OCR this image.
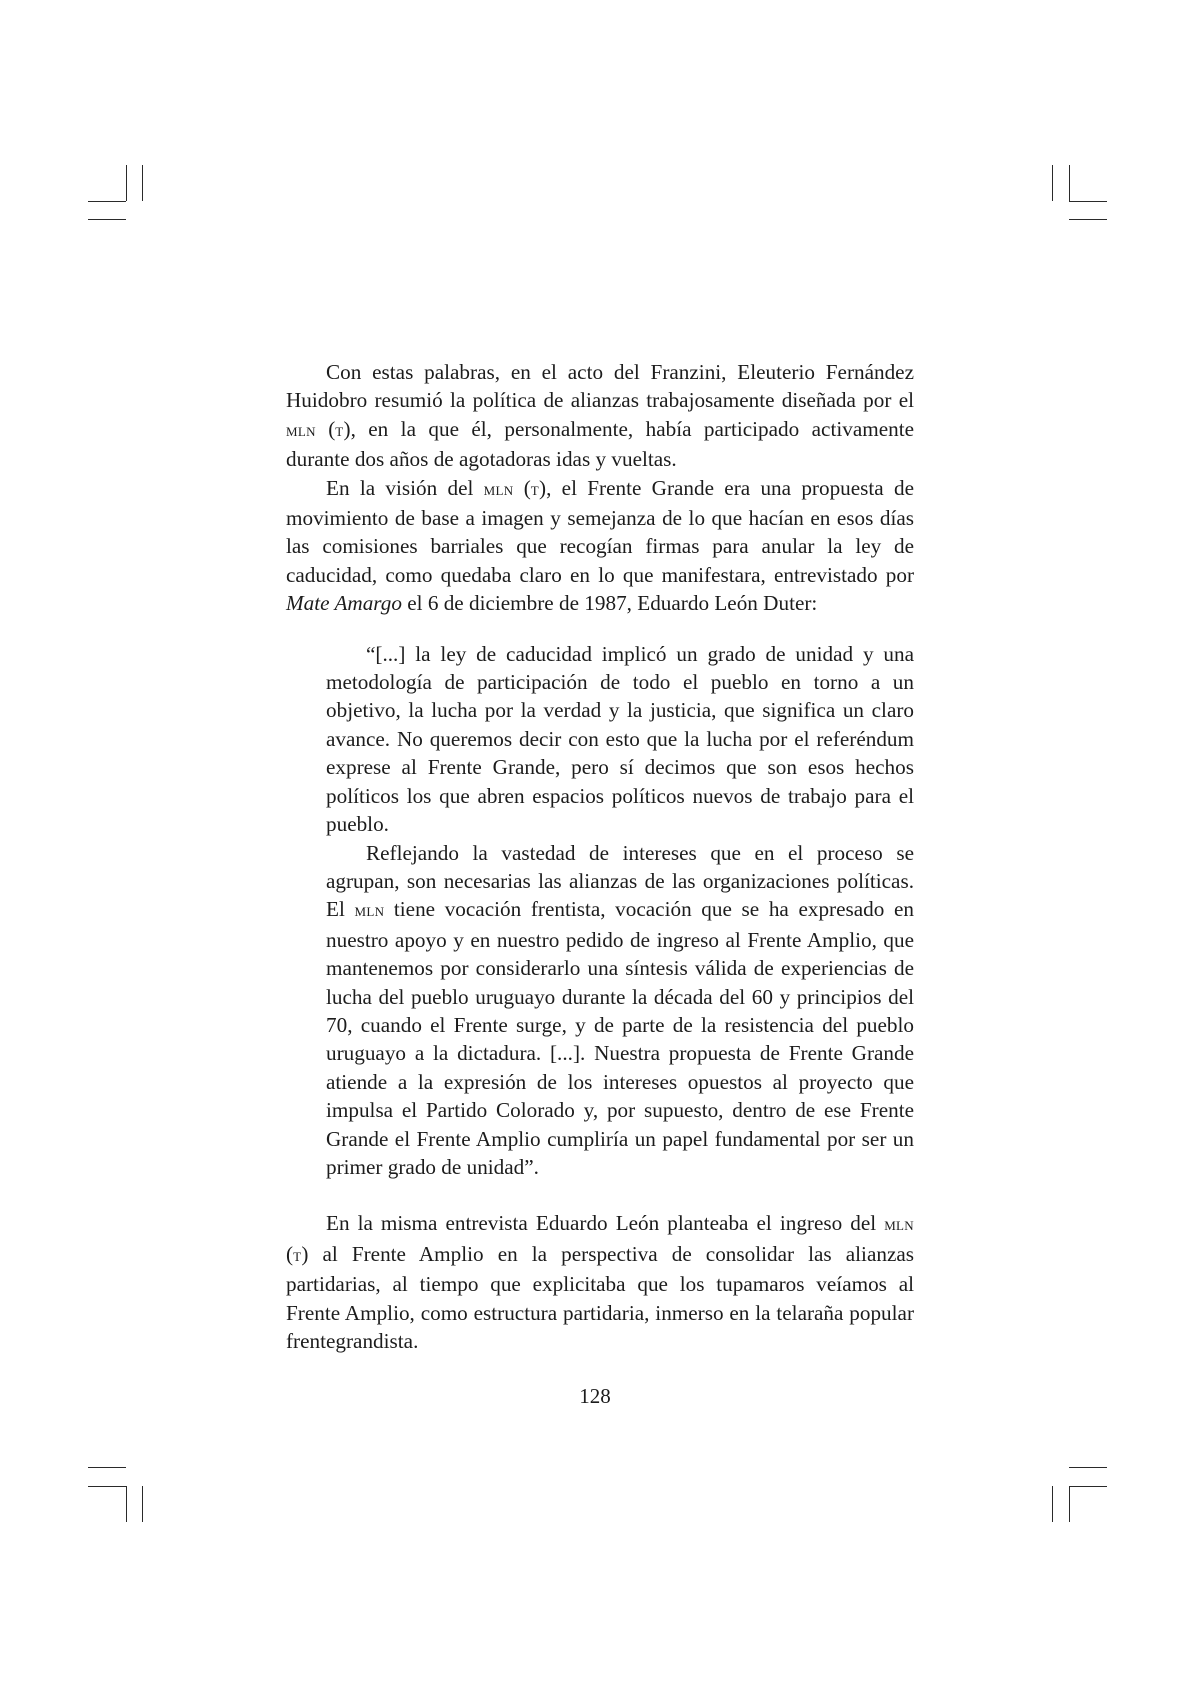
Con estas palabras, en el acto del Franzini, Eleuterio Fernández Huidobro resumió la política de alianzas trabajosamente diseñada por el mln (t), en la que él, personalmente, había participado activamente durante dos años de agotadoras idas y vueltas.

En la visión del mln (t), el Frente Grande era una propuesta de movimiento de base a imagen y semejanza de lo que hacían en esos días las comisiones barriales que recogían firmas para anular la ley de caducidad, como quedaba claro en lo que manifestara, entrevistado por Mate Amargo el 6 de diciembre de 1987, Eduardo León Duter:

“[...] la ley de caducidad implicó un grado de unidad y una metodología de participación de todo el pueblo en torno a un objetivo, la lucha por la verdad y la justicia, que significa un claro avance. No queremos decir con esto que la lucha por el referéndum exprese al Frente Grande, pero sí decimos que son esos hechos políticos los que abren espacios políticos nuevos de trabajo para el pueblo.

Reflejando la vastedad de intereses que en el proceso se agrupan, son necesarias las alianzas de las organizaciones políticas. El mln tiene vocación frentista, vocación que se ha expresado en nuestro apoyo y en nuestro pedido de ingreso al Frente Amplio, que mantenemos por considerarlo una síntesis válida de experiencias de lucha del pueblo uruguayo durante la década del 60 y principios del 70, cuando el Frente surge, y de parte de la resistencia del pueblo uruguayo a la dictadura. [...]. Nuestra propuesta de Frente Grande atiende a la expresión de los intereses opuestos al proyecto que impulsa el Partido Colorado y, por supuesto, dentro de ese Frente Grande el Frente Amplio cumpliría un papel fundamental por ser un primer grado de unidad”.

En la misma entrevista Eduardo León planteaba el ingreso del mln (t) al Frente Amplio en la perspectiva de consolidar las alianzas partidarias, al tiempo que explicitaba que los tupamaros veíamos al Frente Amplio, como estructura partidaria, inmerso en la telaraña popular frentegrandista.

128
